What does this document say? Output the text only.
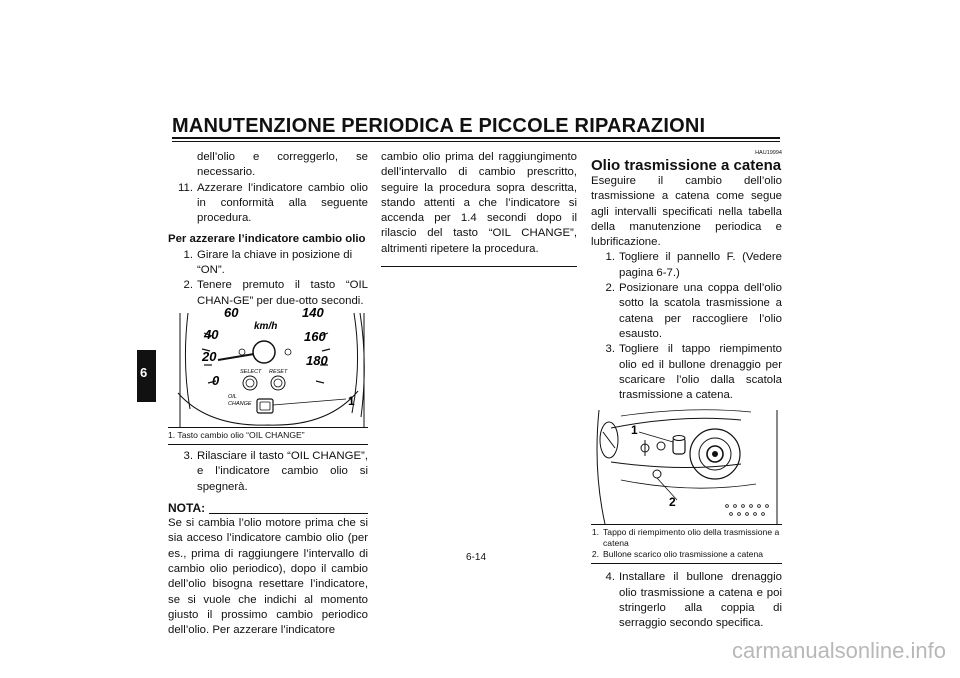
MANUTENZIONE PERIODICA E PICCOLE RIPARAZIONI
6

dell’olio e correggerlo, se necessario.

11. Azzerare l’indicatore cambio olio in conformità alla seguente procedura.

Per azzerare l’indicatore cambio olio

1. Girare la chiave in posizione di “ON”.
2. Tenere premuto il tasto “OIL CHAN-GE” per due-otto secondi.
60	140
40	160
20	180
0
km/h
SELECT RESET
OIL
CHANGE	1

1. Tasto cambio olio “OIL CHANGE”

3. Rilasciare il tasto “OIL CHANGE”, e l’indicatore cambio olio si spegnerà.
NOTA:

Se si cambia l’olio motore prima che si sia acceso l’indicatore cambio olio (per es., prima di raggiungere l’intervallo di cambio olio periodico), dopo il cambio dell’olio bisogna resettare l’indicatore, se si vuole che indichi al momento giusto il prossimo cambio periodico dell’olio. Per azzerare l’indicatore

cambio olio prima del raggiungimento dell’intervallo di cambio prescritto, seguire la procedura sopra descritta, stando attenti a che l’indicatore si accenda per 1.4 secondi dopo il rilascio del tasto “OIL CHANGE”, altrimenti ripetere la procedura.

HAU19994
Olio trasmissione a catena

Eseguire il cambio dell’olio trasmissione a catena come segue agli intervalli specificati nella tabella della manutenzione periodica e lubrificazione.

1. Togliere il pannello F. (Vedere pagina 6-7.)
2. Posizionare una coppa dell’olio sotto la scatola trasmissione a catena per raccogliere l’olio esausto.
3. Togliere il tappo riempimento olio ed il bullone drenaggio per scaricare l’olio dalla scatola trasmissione a catena.
1
2
1. Tappo di riempimento olio della trasmissione a catena
2. Bullone scarico olio trasmissione a catena
4. Installare il bullone drenaggio olio trasmissione a catena e poi stringerlo alla coppia di serraggio secondo specifica.
6-14
carmanualsonline.info
